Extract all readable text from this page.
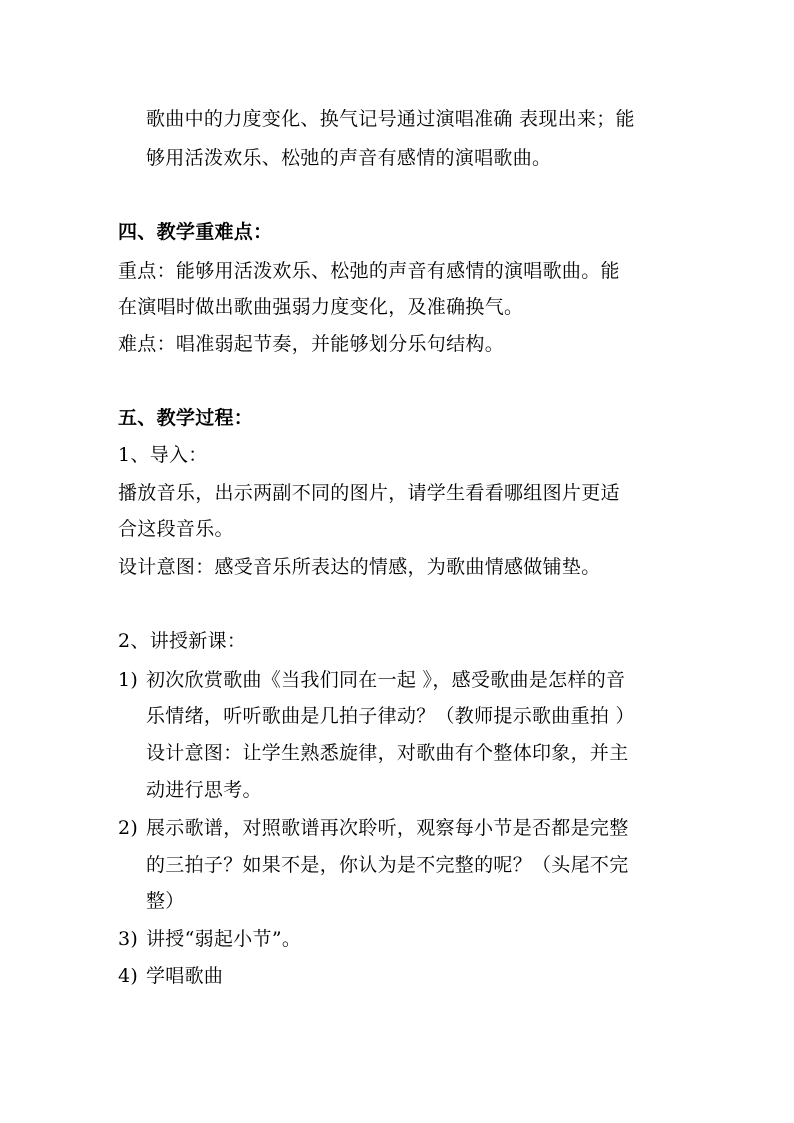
歌曲中的力度变化、换气记号通过演唱准确 表现出来；能
够用活泼欢乐、松弛的声音有感情的演唱歌曲。
四、教学重难点：
重点：能够用活泼欢乐、松弛的声音有感情的演唱歌曲。能
在演唱时做出歌曲强弱力度变化，及准确换气。
难点：唱准弱起节奏，并能够划分乐句结构。
五、教学过程：
1、导入：
播放音乐，出示两副不同的图片，请学生看看哪组图片更适
合这段音乐。
设计意图：感受音乐所表达的情感，为歌曲情感做铺垫。
2、讲授新课：
1) 初次欣赏歌曲《当我们同在一起 》，感受歌曲是怎样的音
乐情绪，听听歌曲是几拍子律动？（教师提示歌曲重拍 ）
设计意图：让学生熟悉旋律，对歌曲有个整体印象，并主
动进行思考。
2) 展示歌谱，对照歌谱再次聆听，观察每小节是否都是完整
的三拍子？如果不是，你认为是不完整的呢？（头尾不完
整）
3) 讲授“弱起小节”。
4) 学唱歌曲
